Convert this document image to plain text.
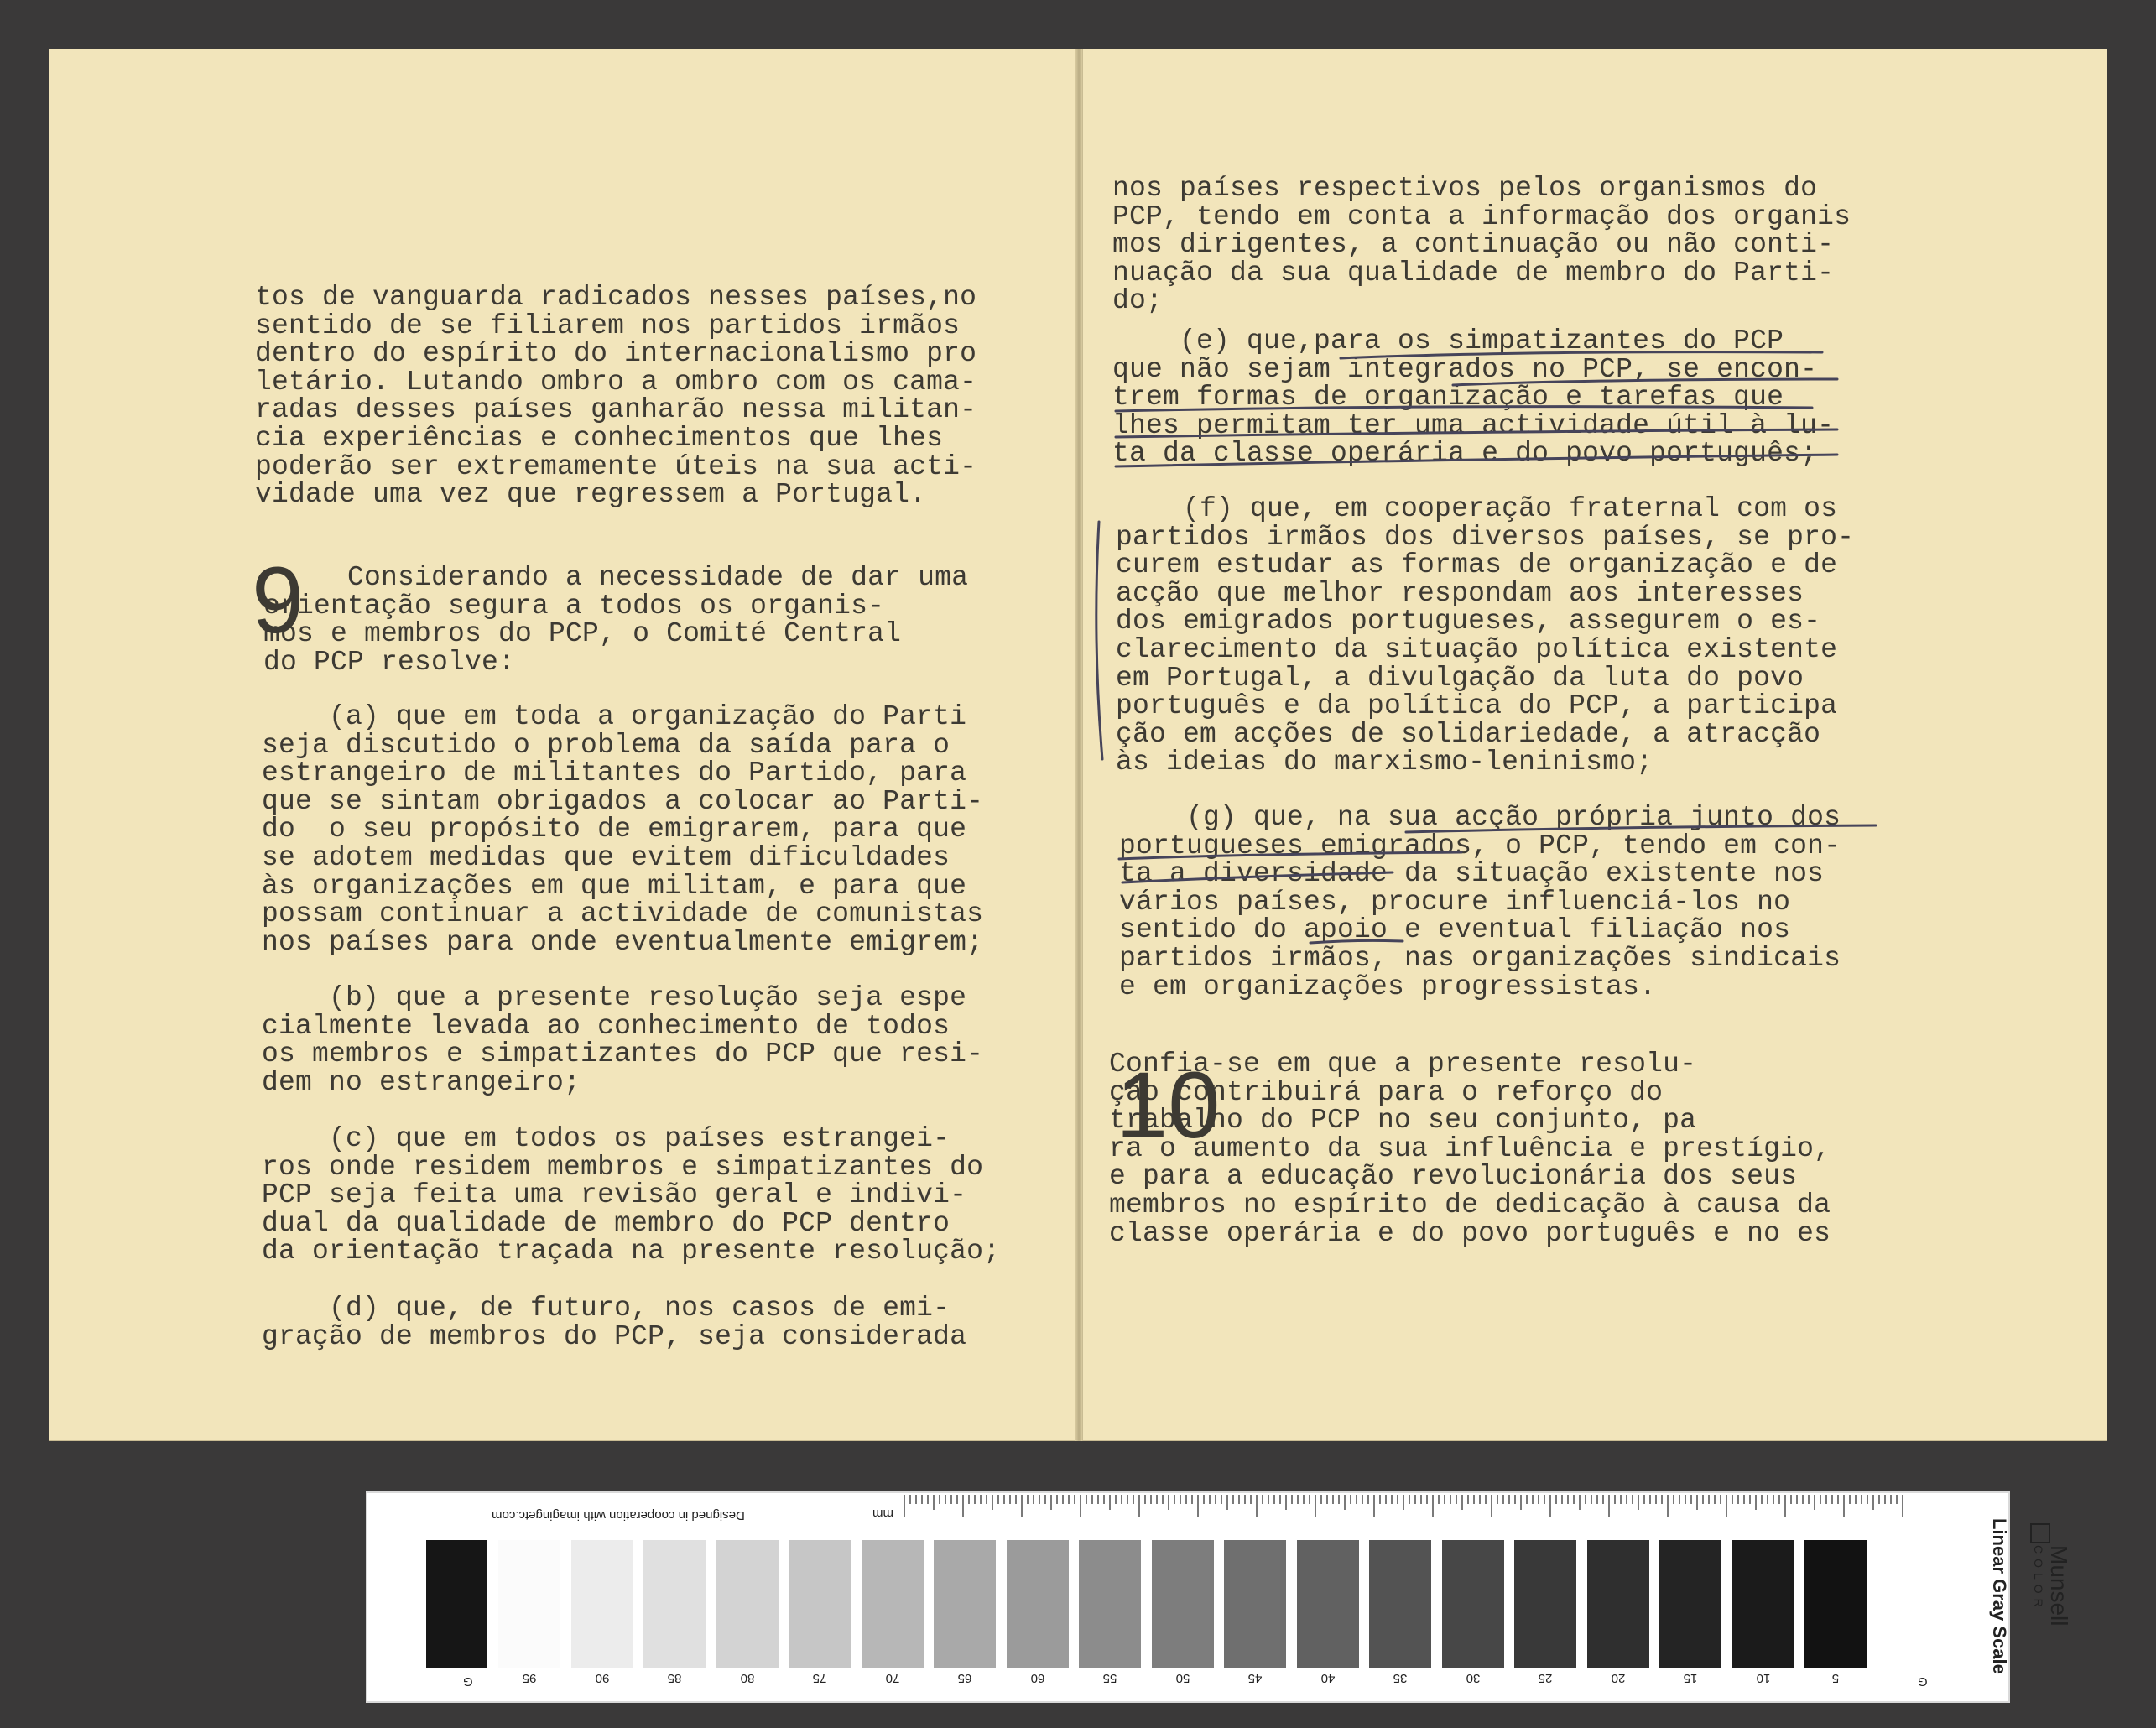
tos de vanguarda radicados nesses países,no
sentido de se filiarem nos partidos irmãos
dentro do espírito do internacionalismo pro
letário. Lutando ombro a ombro com os cama-
radas desses países ganharão nessa militan-
cia experiências e conhecimentos que lhes
poderão ser extremamente úteis na sua acti-
vidade uma vez que regressem a Portugal.
9	Considerando a necessidade de dar uma
orientação segura a todos os organis-
mos e membros do PCP, o Comité Central
do PCP resolve:
(a) que em toda a organização do Parti
seja discutido o problema da saída para o
estrangeiro de militantes do Partido, para
que se sintam obrigados a colocar ao Parti-
do  o seu propósito de emigrarem, para que
se adotem medidas que evitem dificuldades
às organizações em que militam, e para que
possam continuar a actividade de comunistas
nos países para onde eventualmente emigrem;
(b) que a presente resolução seja espe
cialmente levada ao conhecimento de todos
os membros e simpatizantes do PCP que resi-
dem no estrangeiro;
(c) que em todos os países estrangei-
ros onde residem membros e simpatizantes do
PCP seja feita uma revisão geral e indivi-
dual da qualidade de membro do PCP dentro
da orientação traçada na presente resolução;
(d) que, de futuro, nos casos de emi-
gração de membros do PCP, seja considerada
nos países respectivos pelos organismos do
PCP, tendo em conta a informação dos organis
mos dirigentes, a continuação ou não conti-
nuação da sua qualidade de membro do Parti-
do;
(e) que,para os simpatizantes do PCP
que não sejam integrados no PCP, se encon-
trem formas de organização e tarefas que
lhes permitam ter uma actividade útil à lu-
ta da classe operária e do povo português;
(f) que, em cooperação fraternal com os
partidos irmãos dos diversos países, se pro-
curem estudar as formas de organização e de
acção que melhor respondam aos interesses
dos emigrados portugueses, assegurem o es-
clarecimento da situação política existente
em Portugal, a divulgação da luta do povo
português e da política do PCP, a participa
ção em acções de solidariedade, a atracção
às ideias do marxismo-leninismo;
(g) que, na sua acção própria junto dos
portugueses emigrados, o PCP, tendo em con-
ta a diversidade da situação existente nos
vários países, procure influenciá-los no
sentido do apoio e eventual filiação nos
partidos irmãos, nas organizações sindicais
e em organizações progressistas.
10
Confia-se em que a presente resolu-
ção contribuirá para o reforço do
trabalho do PCP no seu conjunto, pa
ra o aumento da sua influência e prestígio,
e para a educação revolucionária dos seus
membros no espírito de dedicação à causa da
classe operária e do povo português e no es
95	90	85	80	75	70	65	60	55	50	45	40	35	30	25	20	15	10	5
Designed in cooperation with imagingetc.com	mm
G	G
Munsell
COLOR
Linear Gray Scale
